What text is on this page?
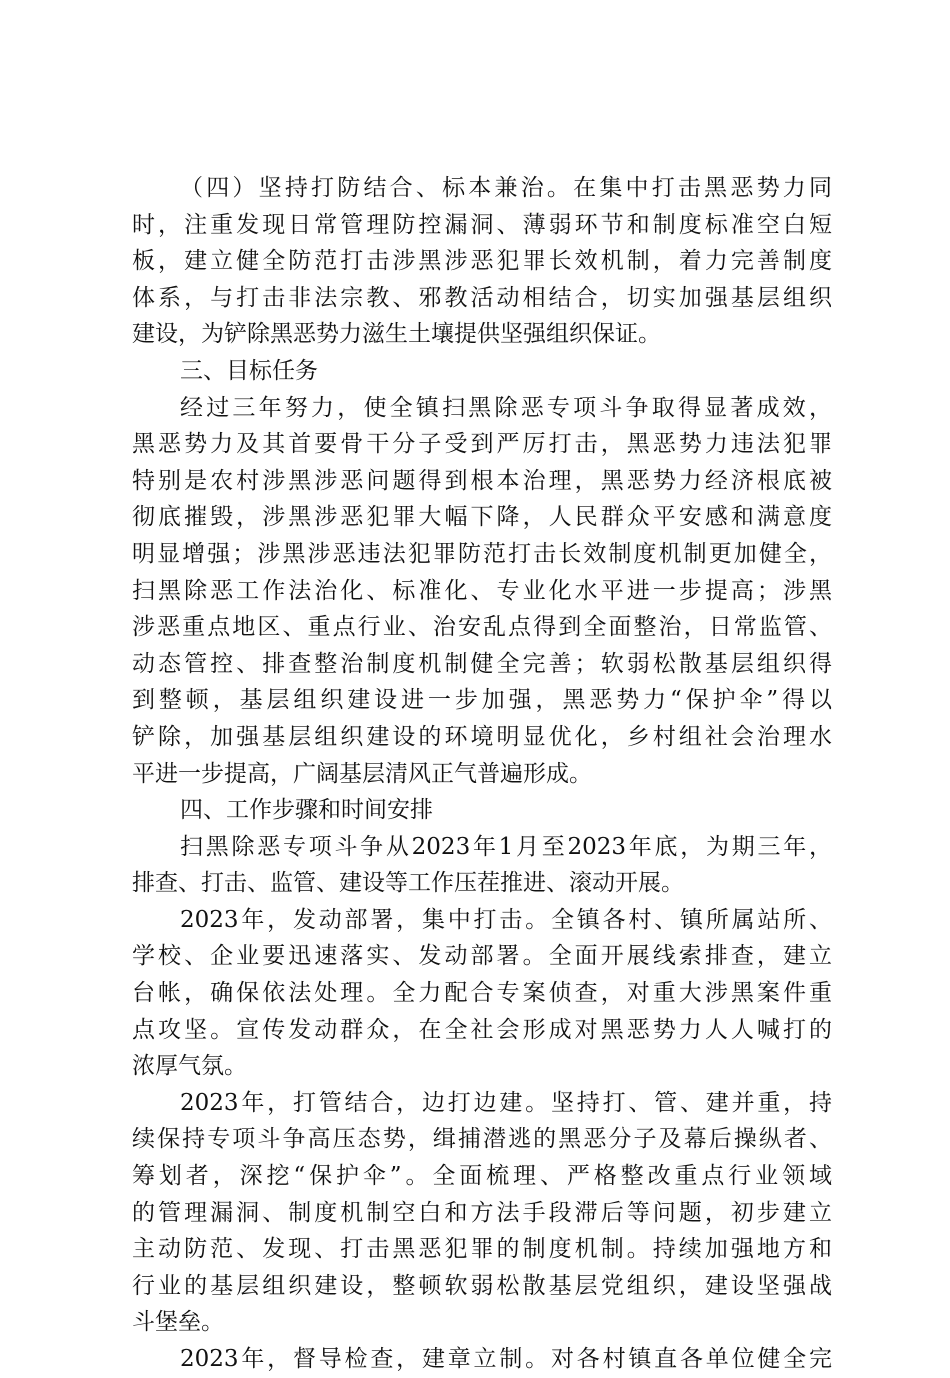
（四）坚持打防结合、标本兼治。在集中打击黑恶势力同
时，注重发现日常管理防控漏洞、薄弱环节和制度标准空白短
板，建立健全防范打击涉黑涉恶犯罪长效机制，着力完善制度
体系，与打击非法宗教、邪教活动相结合，切实加强基层组织
建设，为铲除黑恶势力滋生土壤提供坚强组织保证。
三、目标任务
经过三年努力，使全镇扫黑除恶专项斗争取得显著成效，
黑恶势力及其首要骨干分子受到严厉打击，黑恶势力违法犯罪
特别是农村涉黑涉恶问题得到根本治理，黑恶势力经济根底被
彻底摧毁，涉黑涉恶犯罪大幅下降，人民群众平安感和满意度
明显增强；涉黑涉恶违法犯罪防范打击长效制度机制更加健全，
扫黑除恶工作法治化、标准化、专业化水平进一步提高；涉黑
涉恶重点地区、重点行业、治安乱点得到全面整治，日常监管、
动态管控、排查整治制度机制健全完善；软弱松散基层组织得
到整顿，基层组织建设进一步加强，黑恶势力“保护伞”得以
铲除，加强基层组织建设的环境明显优化，乡村组社会治理水
平进一步提高，广阔基层清风正气普遍形成。
四、工作步骤和时间安排
扫黑除恶专项斗争从2023年1月至2023年底，为期三年，
排查、打击、监管、建设等工作压茬推进、滚动开展。
2023年，发动部署，集中打击。全镇各村、镇所属站所、
学校、企业要迅速落实、发动部署。全面开展线索排查，建立
台帐，确保依法处理。全力配合专案侦查，对重大涉黑案件重
点攻坚。宣传发动群众，在全社会形成对黑恶势力人人喊打的
浓厚气氛。
2023年，打管结合，边打边建。坚持打、管、建并重，持
续保持专项斗争高压态势，缉捕潜逃的黑恶分子及幕后操纵者、
筹划者，深挖“保护伞”。全面梳理、严格整改重点行业领域
的管理漏洞、制度机制空白和方法手段滞后等问题，初步建立
主动防范、发现、打击黑恶犯罪的制度机制。持续加强地方和
行业的基层组织建设，整顿软弱松散基层党组织，建设坚强战
斗堡垒。
2023年，督导检查，建章立制。对各村镇直各单位健全完
